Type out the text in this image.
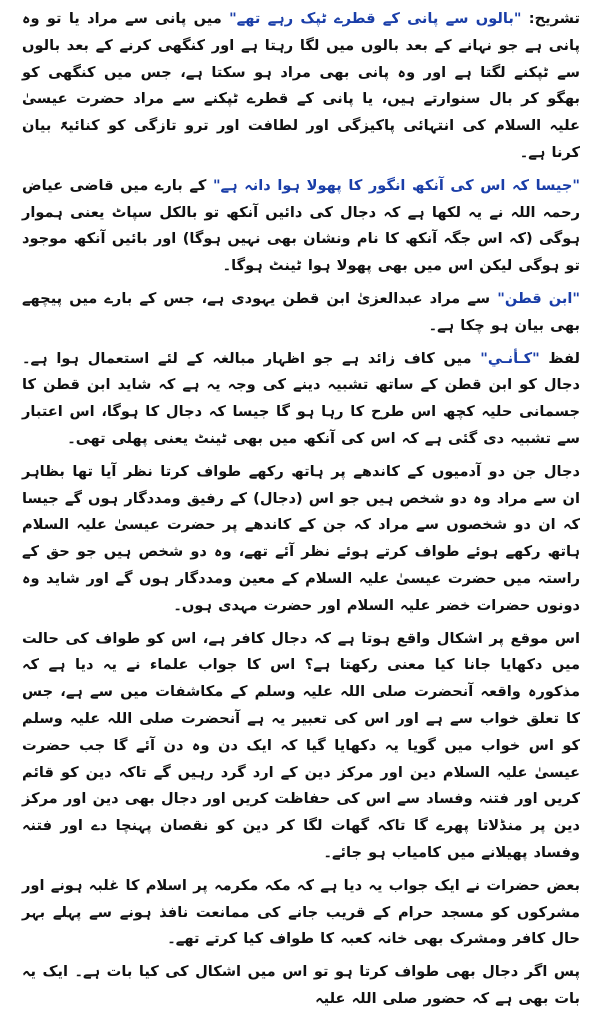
تشریح: "بالوں سے پانی کے قطرے ٹپک رہے تھے" میں پانی سے مراد یا تو وہ پانی ہے جو نہانے کے بعد بالوں میں لگا رہتا ہے اور کنگھی کرنے کے بعد بالوں سے ٹپکنے لگتا ہے اور وہ پانی بھی مراد ہو سکتا ہے، جس میں کنگھی کو بھگو کر بال سنوارتے ہیں، یا پانی کے قطرے ٹپکنے سے مراد حضرت عیسیٰ علیہ السلام کی انتہائی پاکیزگی اور لطافت اور ترو تازگی کو کنائیۃً بیان کرنا ہے۔

"جیسا کہ اس کی آنکھ انگور کا پھولا ہوا دانہ ہے" کے بارے میں قاضی عیاض رحمہ اللہ نے یہ لکھا ہے کہ دجال کی دائیں آنکھ تو بالکل سپاٹ یعنی ہموار ہوگی (کہ اس جگہ آنکھ کا نام ونشان بھی نہیں ہوگا) اور بائیں آنکھ موجود تو ہوگی لیکن اس میں بھی پھولا ہوا ٹینٹ ہوگا۔

"ابن قطن" سے مراد عبدالعزیٰ ابن قطن یہودی ہے، جس کے بارے میں پیچھے بھی بیان ہو چکا ہے۔

لفظ "کـأنـي" میں کاف زائد ہے جو اظہار مبالغہ کے لئے استعمال ہوا ہے۔ دجال کو ابن قطن کے ساتھ تشبیہ دینے کی وجہ یہ ہے کہ شاید ابن قطن کا جسمانی حلیہ کچھ اس طرح کا رہا ہو گا جیسا کہ دجال کا ہوگا، اس اعتبار سے تشبیہ دی گئی ہے کہ اس کی آنکھ میں بھی ٹینٹ یعنی پھلی تھی۔

دجال جن دو آدمیوں کے کاندھے پر ہاتھ رکھے طواف کرتا نظر آیا تھا بظاہر ان سے مراد وہ دو شخص ہیں جو اس (دجال) کے رفیق ومددگار ہوں گے جیسا کہ ان دو شخصوں سے مراد کہ جن کے کاندھے پر حضرت عیسیٰ علیہ السلام ہاتھ رکھے ہوئے طواف کرتے ہوئے نظر آئے تھے، وہ دو شخص ہیں جو حق کے راستہ میں حضرت عیسیٰ علیہ السلام کے معین ومددگار ہوں گے اور شاید وہ دونوں حضرات خضر علیہ السلام اور حضرت مہدی ہوں۔

اس موقع پر اشکال واقع ہوتا ہے کہ دجال کافر ہے، اس کو طواف کی حالت میں دکھایا جانا کیا معنی رکھتا ہے؟ اس کا جواب علماء نے یہ دیا ہے کہ مذکورہ واقعہ آنحضرت صلی اللہ علیہ وسلم کے مکاشفات میں سے ہے، جس کا تعلق خواب سے ہے اور اس کی تعبیر یہ ہے آنحضرت صلی اللہ علیہ وسلم کو اس خواب میں گویا یہ دکھایا گیا کہ ایک دن وہ دن آئے گا جب حضرت عیسیٰ علیہ السلام دین اور مرکز دین کے ارد گرد رہیں گے تاکہ دین کو قائم کریں اور فتنہ وفساد سے اس کی حفاظت کریں اور دجال بھی دین اور مرکز دین پر منڈلاتا پھرے گا تاکہ گھات لگا کر دین کو نقصان پہنچا دے اور فتنہ وفساد پھیلانے میں کامیاب ہو جائے۔

بعض حضرات نے ایک جواب یہ دیا ہے کہ مکہ مکرمہ پر اسلام کا غلبہ ہونے اور مشرکوں کو مسجد حرام کے قریب جانے کی ممانعت نافذ ہونے سے پہلے بہر حال کافر ومشرک بھی خانہ کعبہ کا طواف کیا کرتے تھے۔

پس اگر دجال بھی طواف کرتا ہو تو اس میں اشکال کی کیا بات ہے۔ ایک یہ بات بھی ہے کہ حضور صلی اللہ علیہ
